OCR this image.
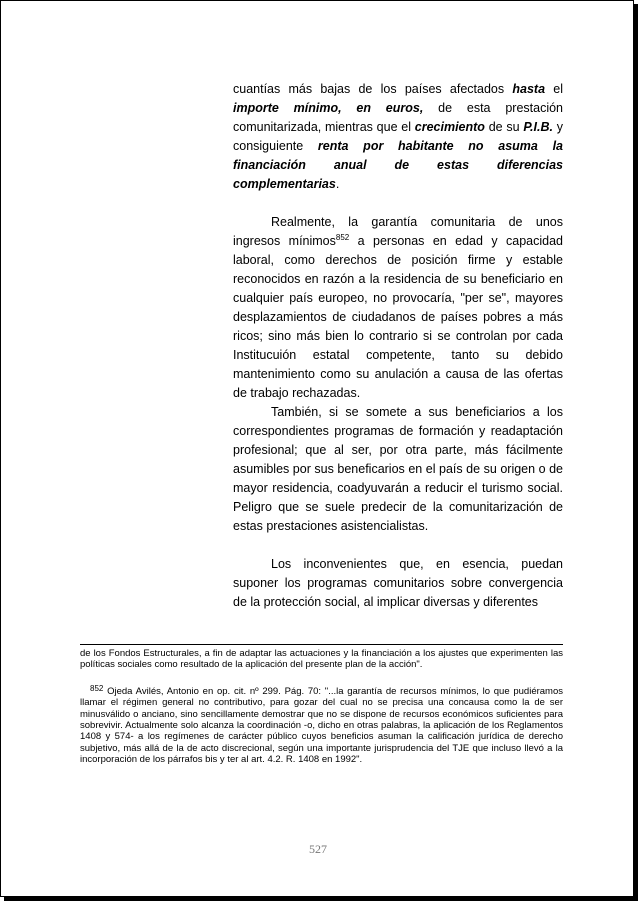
cuantías más bajas de los países afectados hasta el importe mínimo, en euros, de esta prestación comunitarizada, mientras que el crecimiento de su P.I.B. y consiguiente renta por habitante no asuma la financiación anual de estas diferencias complementarias.

Realmente, la garantía comunitaria de unos ingresos mínimos$^{852}$ a personas en edad y capacidad laboral, como derechos de posición firme y estable reconocidos en razón a la residencia de su beneficiario en cualquier país europeo, no provocaría, "per se", mayores desplazamientos de ciudadanos de países pobres a más ricos; sino más bien lo contrario si se controlan por cada Institucuión estatal competente, tanto su debido mantenimiento como su anulación a causa de las ofertas de trabajo rechazadas.

También, si se somete a sus beneficiarios a los correspondientes programas de formación y readaptación profesional; que al ser, por otra parte, más fácilmente asumibles por sus beneficarios en el país de su origen o de mayor residencia, coadyuvarán a reducir el turismo social. Peligro que se suele predecir de la comunitarización de estas prestaciones asistencialistas.

Los inconvenientes que, en esencia, puedan suponer los programas comunitarios sobre convergencia de la protección social, al implicar diversas y diferentes

de los Fondos Estructurales, a fin de adaptar las actuaciones y la financiación a los ajustes que experimenten las políticas sociales como resultado de la aplicación del presente plan de la acción".

$^{852}$ Ojeda Avilés, Antonio en op. cit. nº 299. Pág. 70: "...la garantía de recursos mínimos, lo que pudiéramos llamar el régimen general no contributivo, para gozar del cual no se precisa una concausa como la de ser minusválido o anciano, sino sencillamente demostrar que no se dispone de recursos económicos suficientes para sobrevivir. Actualmente solo alcanza la coordinación -o, dicho en otras palabras, la aplicación de los Reglamentos 1408 y 574- a los regímenes de carácter público cuyos beneficios asuman la calificación jurídica de derecho subjetivo, más allá de la de acto discrecional, según una importante jurisprudencia del TJE que incluso llevó a la incorporación de los párrafos bis y ter al art. 4.2. R. 1408 en 1992".

527
